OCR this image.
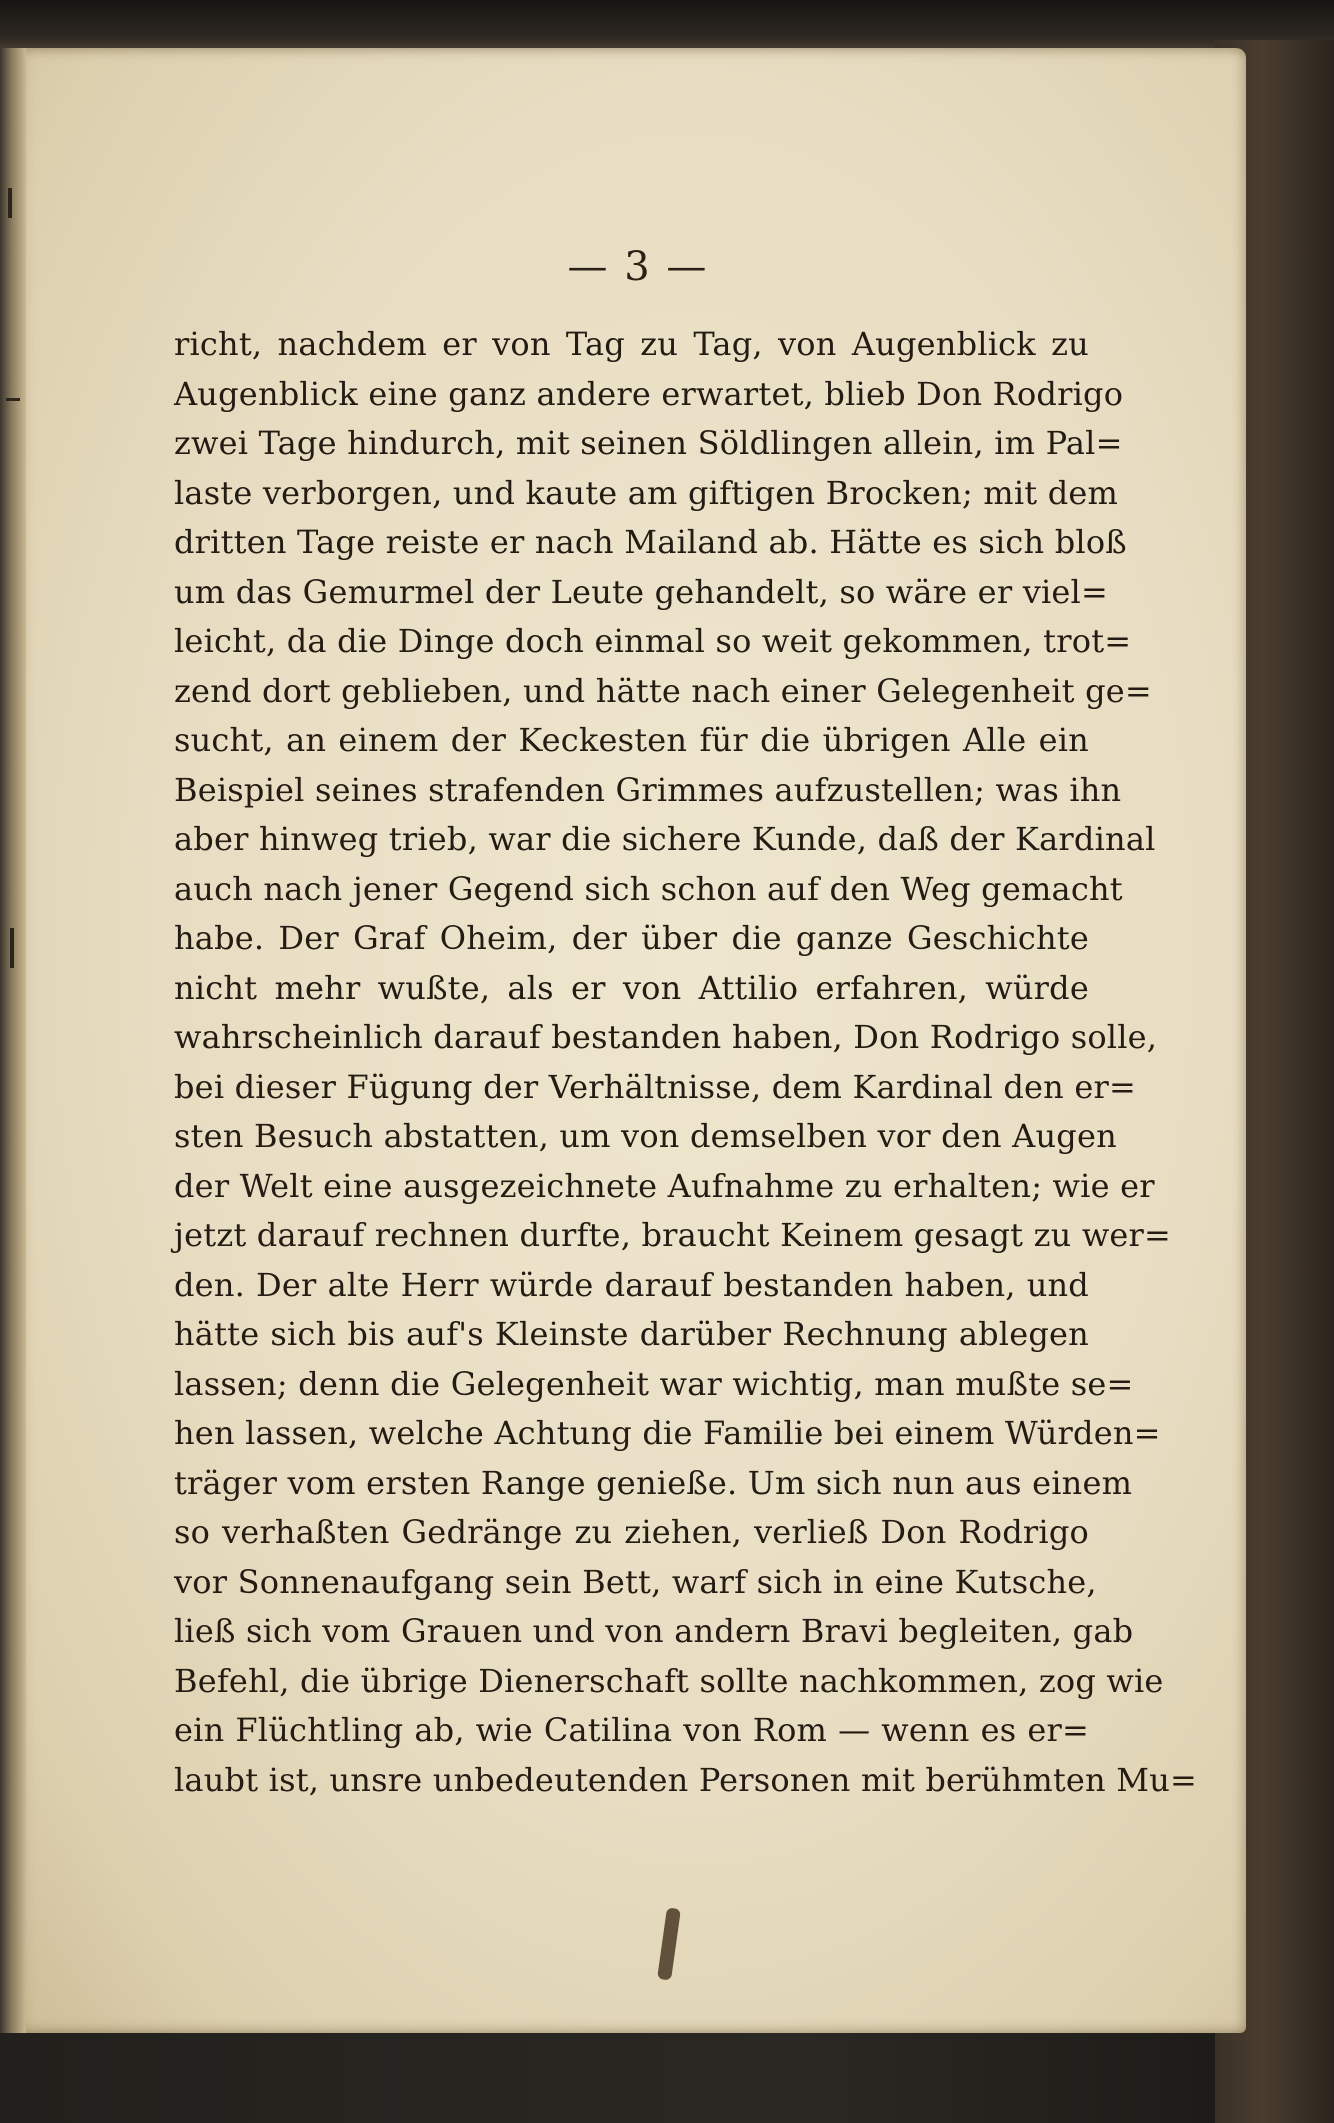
— 3 —
richt, nachdem er von Tag zu Tag, von Augenblick zu
Augenblick eine ganz andere erwartet, blieb Don Rodrigo
zwei Tage hindurch, mit seinen Söldlingen allein, im Pal=
laste verborgen, und kaute am giftigen Brocken; mit dem
dritten Tage reiste er nach Mailand ab. Hätte es sich bloß
um das Gemurmel der Leute gehandelt, so wäre er viel=
leicht, da die Dinge doch einmal so weit gekommen, trot=
zend dort geblieben, und hätte nach einer Gelegenheit ge=
sucht, an einem der Keckesten für die übrigen Alle ein
Beispiel seines strafenden Grimmes aufzustellen; was ihn
aber hinweg trieb, war die sichere Kunde, daß der Kardinal
auch nach jener Gegend sich schon auf den Weg gemacht
habe. Der Graf Oheim, der über die ganze Geschichte
nicht mehr wußte, als er von Attilio erfahren, würde
wahrscheinlich darauf bestanden haben, Don Rodrigo solle,
bei dieser Fügung der Verhältnisse, dem Kardinal den er=
sten Besuch abstatten, um von demselben vor den Augen
der Welt eine ausgezeichnete Aufnahme zu erhalten; wie er
jetzt darauf rechnen durfte, braucht Keinem gesagt zu wer=
den. Der alte Herr würde darauf bestanden haben, und
hätte sich bis auf's Kleinste darüber Rechnung ablegen
lassen; denn die Gelegenheit war wichtig, man mußte se=
hen lassen, welche Achtung die Familie bei einem Würden=
träger vom ersten Range genieße. Um sich nun aus einem
so verhaßten Gedränge zu ziehen, verließ Don Rodrigo
vor Sonnenaufgang sein Bett, warf sich in eine Kutsche,
ließ sich vom Grauen und von andern Bravi begleiten, gab
Befehl, die übrige Dienerschaft sollte nachkommen, zog wie
ein Flüchtling ab, wie Catilina von Rom — wenn es er=
laubt ist, unsre unbedeutenden Personen mit berühmten Mu=
